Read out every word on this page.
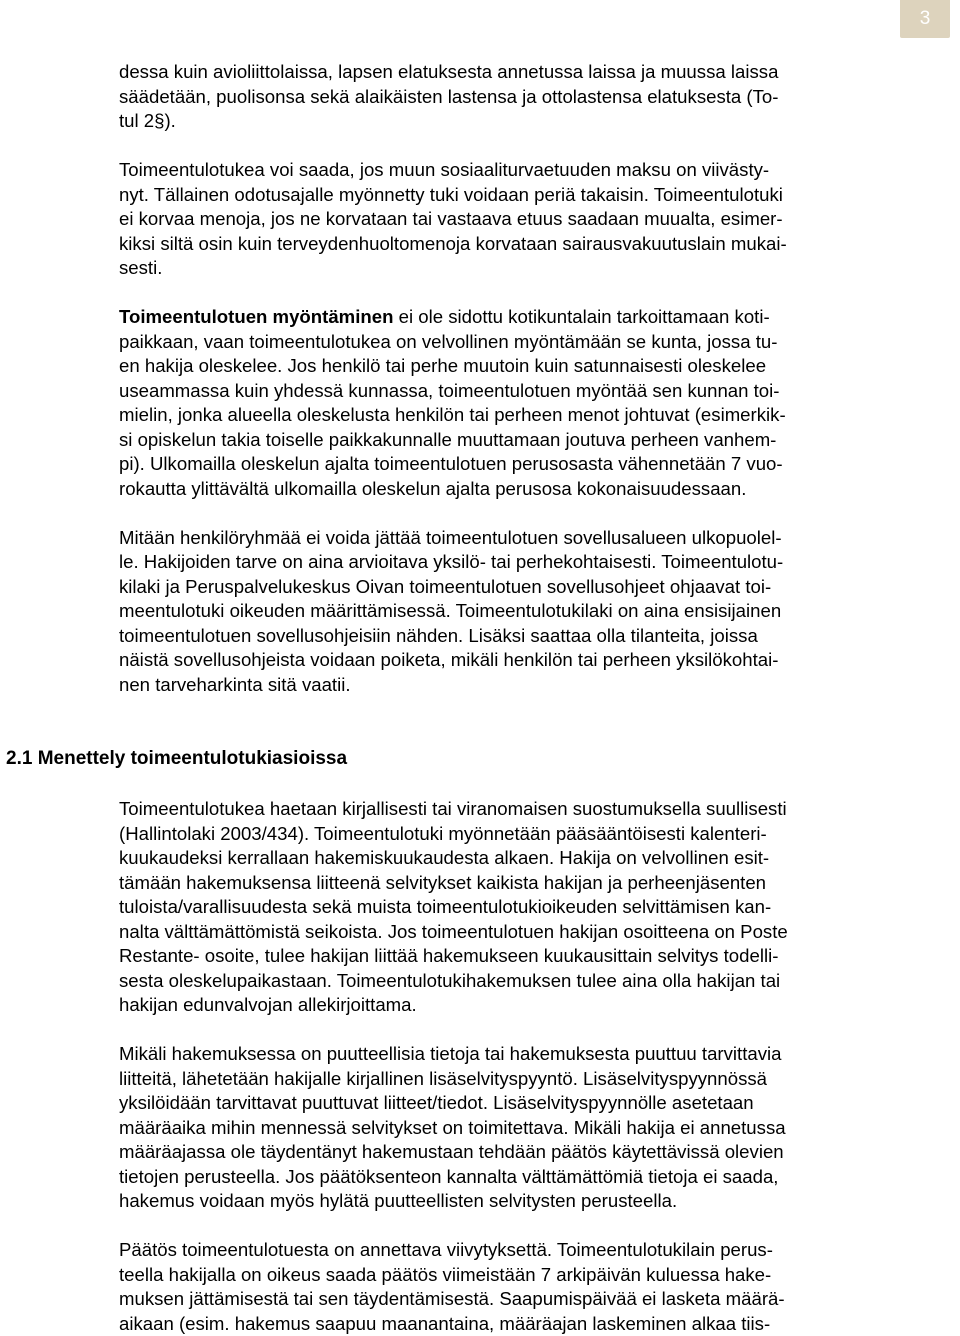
3
dessa kuin avioliittolaissa, lapsen elatuksesta annetussa laissa ja muussa laissa
säädetään, puolisonsa sekä alaikäisten lastensa ja ottolastensa elatuksesta (To-
tul 2§).
Toimeentulotukea voi saada, jos muun sosiaaliturvaetuuden maksu on viivästy-
nyt. Tällainen odotusajalle myönnetty tuki voidaan periä takaisin. Toimeentulotuki
ei korvaa menoja, jos ne korvataan tai vastaava etuus saadaan muualta, esimer-
kiksi siltä osin kuin terveydenhuoltomenoja korvataan sairausvakuutuslain mukai-
sesti.
Toimeentulotuen myöntäminen ei ole sidottu kotikuntalain tarkoittamaan koti-
paikkaan, vaan toimeentulotukea on velvollinen myöntämään se kunta, jossa tu-
en hakija oleskelee. Jos henkilö tai perhe muutoin kuin satunnaisesti oleskelee
useammassa kuin yhdessä kunnassa, toimeentulotuen myöntää sen kunnan toi-
mielin, jonka alueella oleskelusta henkilön tai perheen menot johtuvat (esimerkik-
si opiskelun takia toiselle paikkakunnalle muuttamaan joutuva perheen vanhem-
pi). Ulkomailla oleskelun ajalta toimeentulotuen perusosasta vähennetään 7 vuo-
rokautta ylittävältä ulkomailla oleskelun ajalta perusosa kokonaisuudessaan.
Mitään henkilöryhmää ei voida jättää toimeentulotuen sovellusalueen ulkopuolel-
le. Hakijoiden tarve on aina arvioitava yksilö- tai perhekohtaisesti. Toimeentulotu-
kilaki ja Peruspalvelukeskus Oivan toimeentulotuen sovellusohjeet ohjaavat toi-
meentulotuki oikeuden määrittämisessä. Toimeentulotukilaki on aina ensisijainen
toimeentulotuen sovellusohjeisiin nähden. Lisäksi saattaa olla tilanteita, joissa
näistä sovellusohjeista voidaan poiketa, mikäli henkilön tai perheen yksilökohtai-
nen tarveharkinta sitä vaatii.
2.1 Menettely toimeentulotukiasioissa
Toimeentulotukea haetaan kirjallisesti tai viranomaisen suostumuksella suullisesti
(Hallintolaki 2003/434). Toimeentulotuki myönnetään pääsääntöisesti kalenteri-
kuukaudeksi kerrallaan hakemiskuukaudesta alkaen. Hakija on velvollinen esit-
tämään hakemuksensa liitteenä selvitykset kaikista hakijan ja perheenjäsenten
tuloista/varallisuudesta sekä muista toimeentulotukioikeuden selvittämisen kan-
nalta välttämättömistä seikoista. Jos toimeentulotuen hakijan osoitteena on Poste
Restante- osoite, tulee hakijan liittää hakemukseen kuukausittain selvitys todelli-
sesta oleskelupaikastaan. Toimeentulotukihakemuksen tulee aina olla hakijan tai
hakijan edunvalvojan allekirjoittama.
Mikäli hakemuksessa on puutteellisia tietoja tai hakemuksesta puuttuu tarvittavia
liitteitä, lähetetään hakijalle kirjallinen lisäselvityspyyntö. Lisäselvityspyynnössä
yksilöidään tarvittavat puuttuvat liitteet/tiedot. Lisäselvityspyynnölle asetetaan
määräaika mihin mennessä selvitykset on toimitettava. Mikäli hakija ei annetussa
määräajassa ole täydentänyt hakemustaan tehdään päätös käytettävissä olevien
tietojen perusteella. Jos päätöksenteon kannalta välttämättömiä tietoja ei saada,
hakemus voidaan myös hylätä puutteellisten selvitysten perusteella.
Päätös toimeentulotuesta on annettava viivytyksettä. Toimeentulotukilain perus-
teella hakijalla on oikeus saada päätös viimeistään 7 arkipäivän kuluessa hake-
muksen jättämisestä tai sen täydentämisestä. Saapumispäivää ei lasketa määrä-
aikaan (esim. hakemus saapuu maanantaina, määräajan laskeminen alkaa tiis-
